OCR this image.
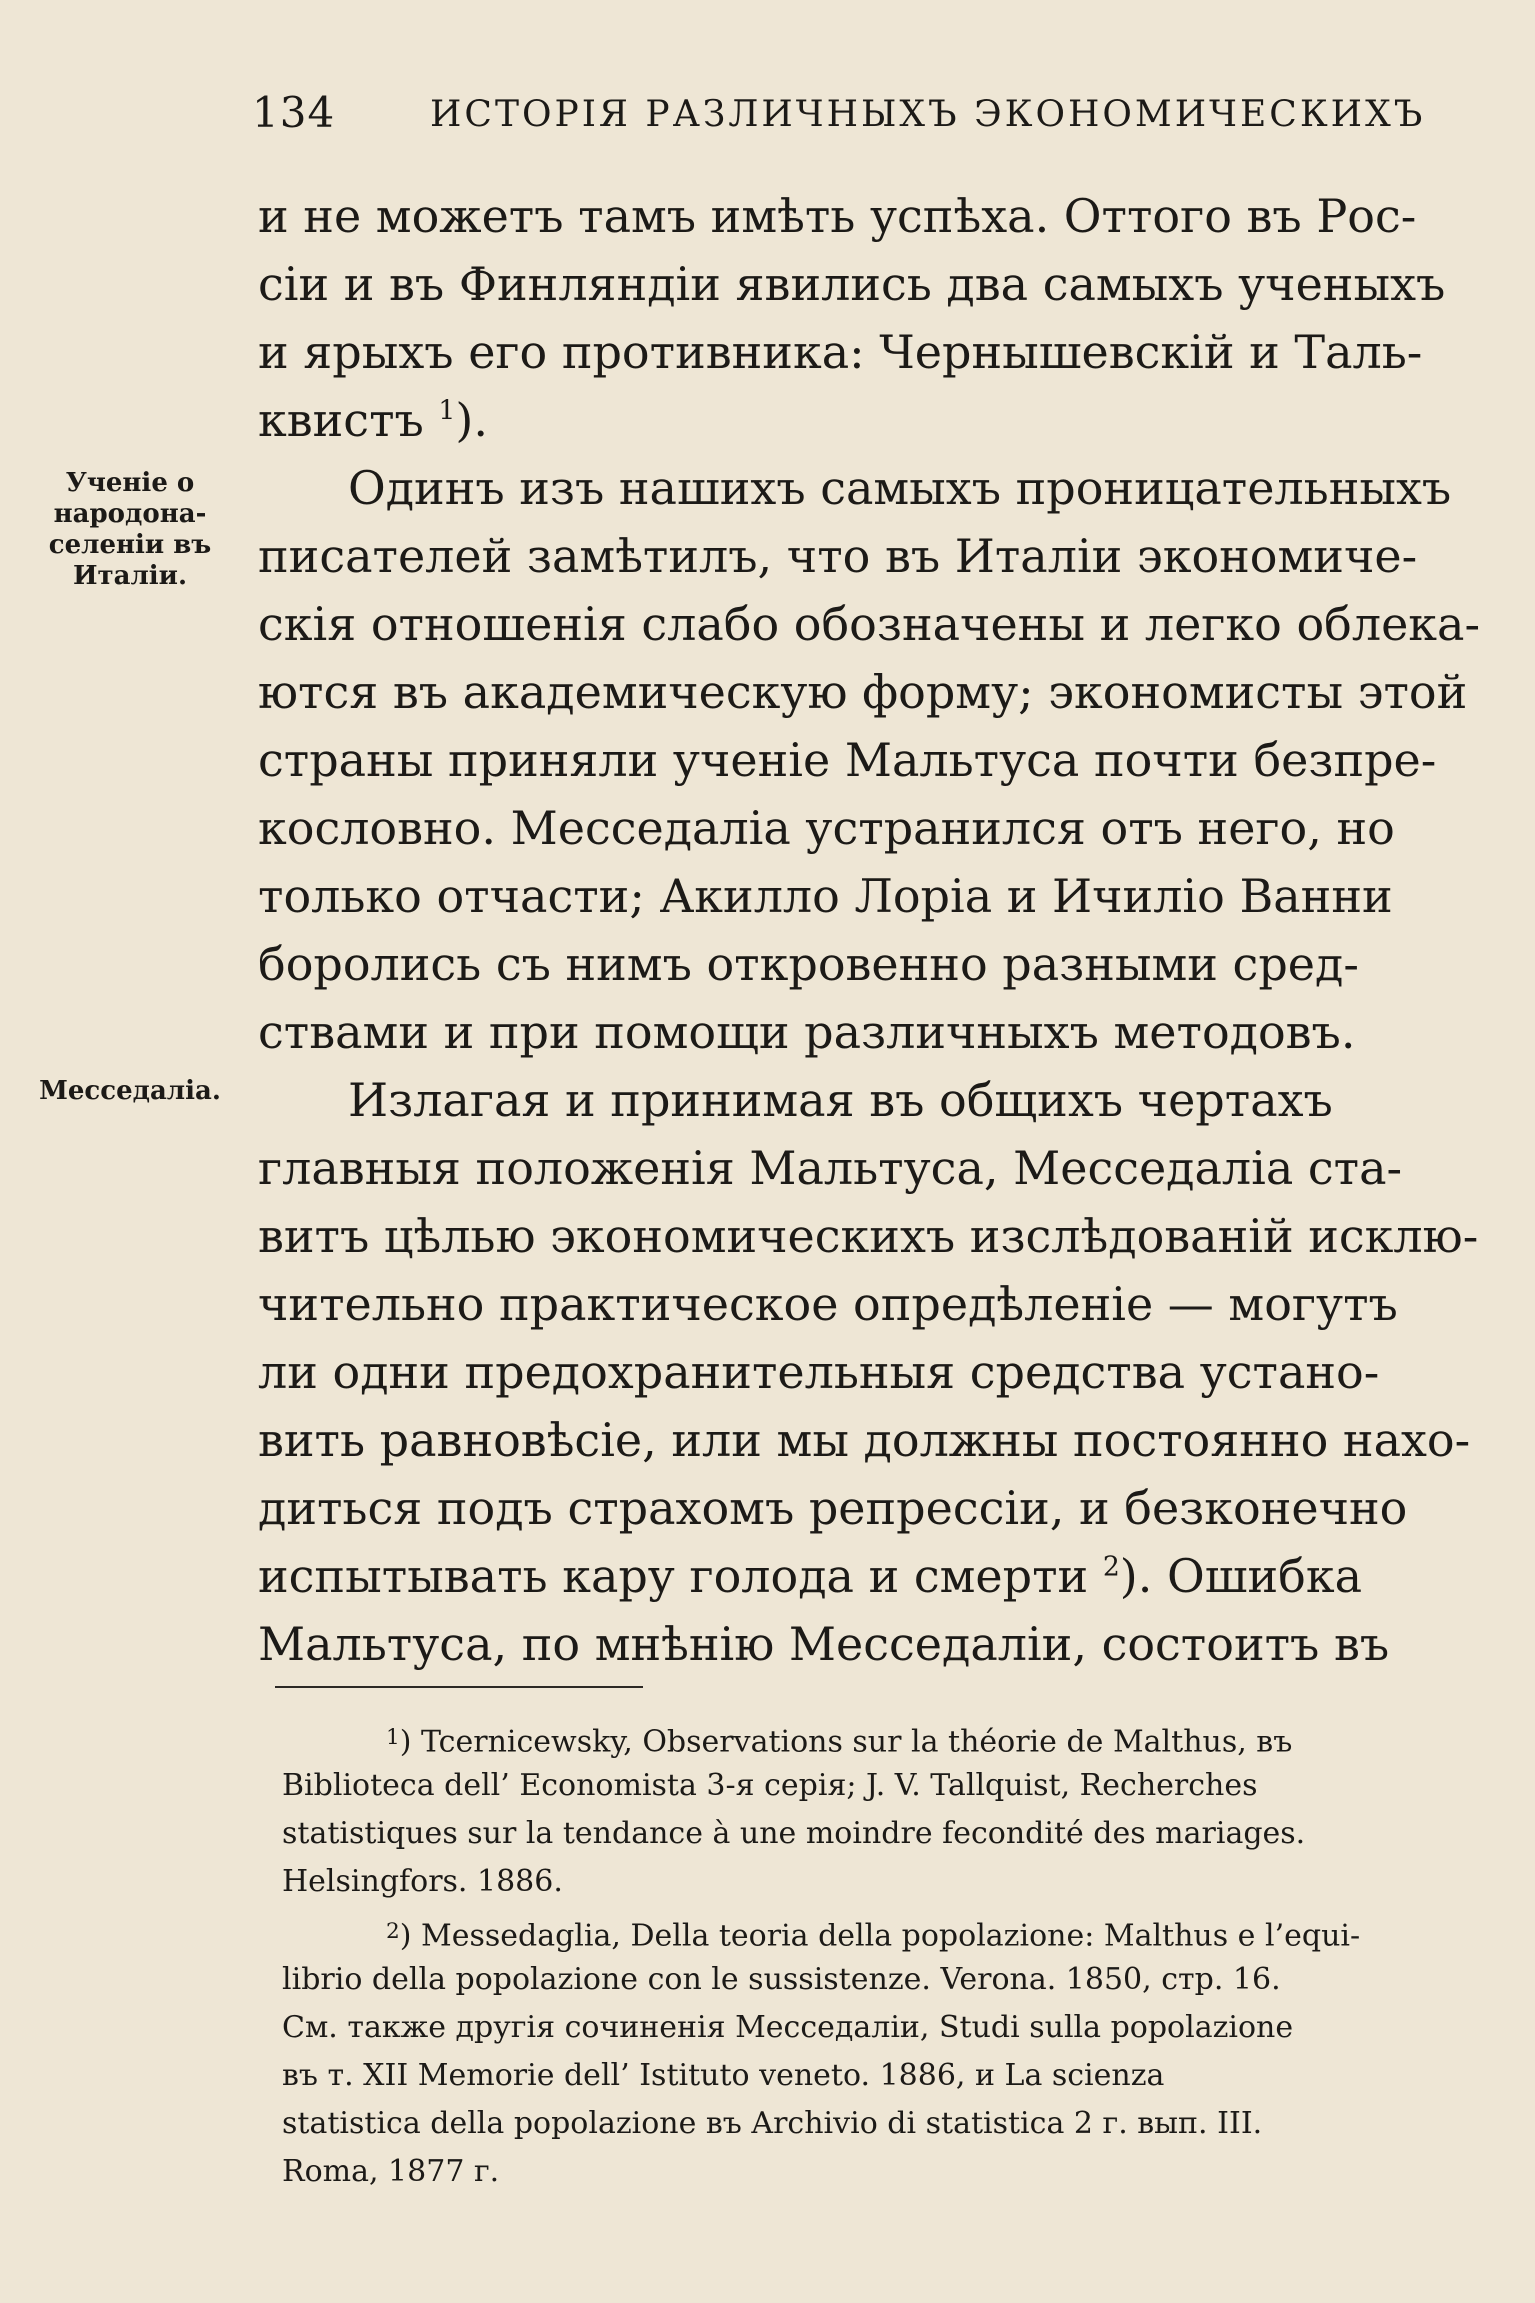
134	ИСТОРІЯ РАЗЛИЧНЫХЪ ЭКОНОМИЧЕСКИХЪ
Ученіе о
народона-
селенiи въ
Италiи.
Месседалiа.
и не можетъ тамъ имѣть успѣха. Оттого въ Рос-
сiи и въ Финляндiи явились два самыхъ ученыхъ
и ярыхъ его противника: Чернышевскiй и Таль-
квистъ $^1$).
Одинъ изъ нашихъ самыхъ проницательныхъ
писателей замѣтилъ, что въ Италiи экономиче-
скія отношенія слабо обозначены и легко облека-
ются въ академическую форму; экономисты этой
страны приняли ученiе Мальтуса почти безпре-
кословно. Месседалiа устранился отъ него, но
только отчасти; Акилло Лорiа и Ичилiо Ванни
боролись съ нимъ откровенно разными сред-
ствами и при помощи различныхъ методовъ.
Излагая и принимая въ общихъ чертахъ
главныя положенiя Мальтуса, Месседалiа ста-
витъ цѣлью экономическихъ изслѣдованiй исклю-
чительно практическое опредѣленiе — могутъ
ли одни предохранительныя средства устано-
вить равновѣсiе, или мы должны постоянно нахо-
диться подъ страхомъ репрессiи, и безконечно
испытывать кару голода и смерти $^2$). Ошибка
Мальтуса, по мнѣнiю Месседалiи, состоитъ въ
$^1$) Tcernicewsky, Observations sur la théorie de Malthus, въ
Biblioteca dell’ Economista 3-я серія; J. V. Tallquist, Recherches
statistiques sur la tendance à une moindre fecondité des mariages.
Helsingfors. 1886.
$^2$) Messedaglia, Della teoria della popolazione: Malthus e l’equi-
librio della popolazione con le sussistenze. Verona. 1850, стр. 16.
См. также другiя сочиненiя Месседалiи, Studi sulla popolazione
въ т. XII Memorie dell’ Istituto veneto. 1886, и La scienza
statistica della popolazione въ Archivio di statistica 2 г. вып. III.
Roma, 1877 г.
